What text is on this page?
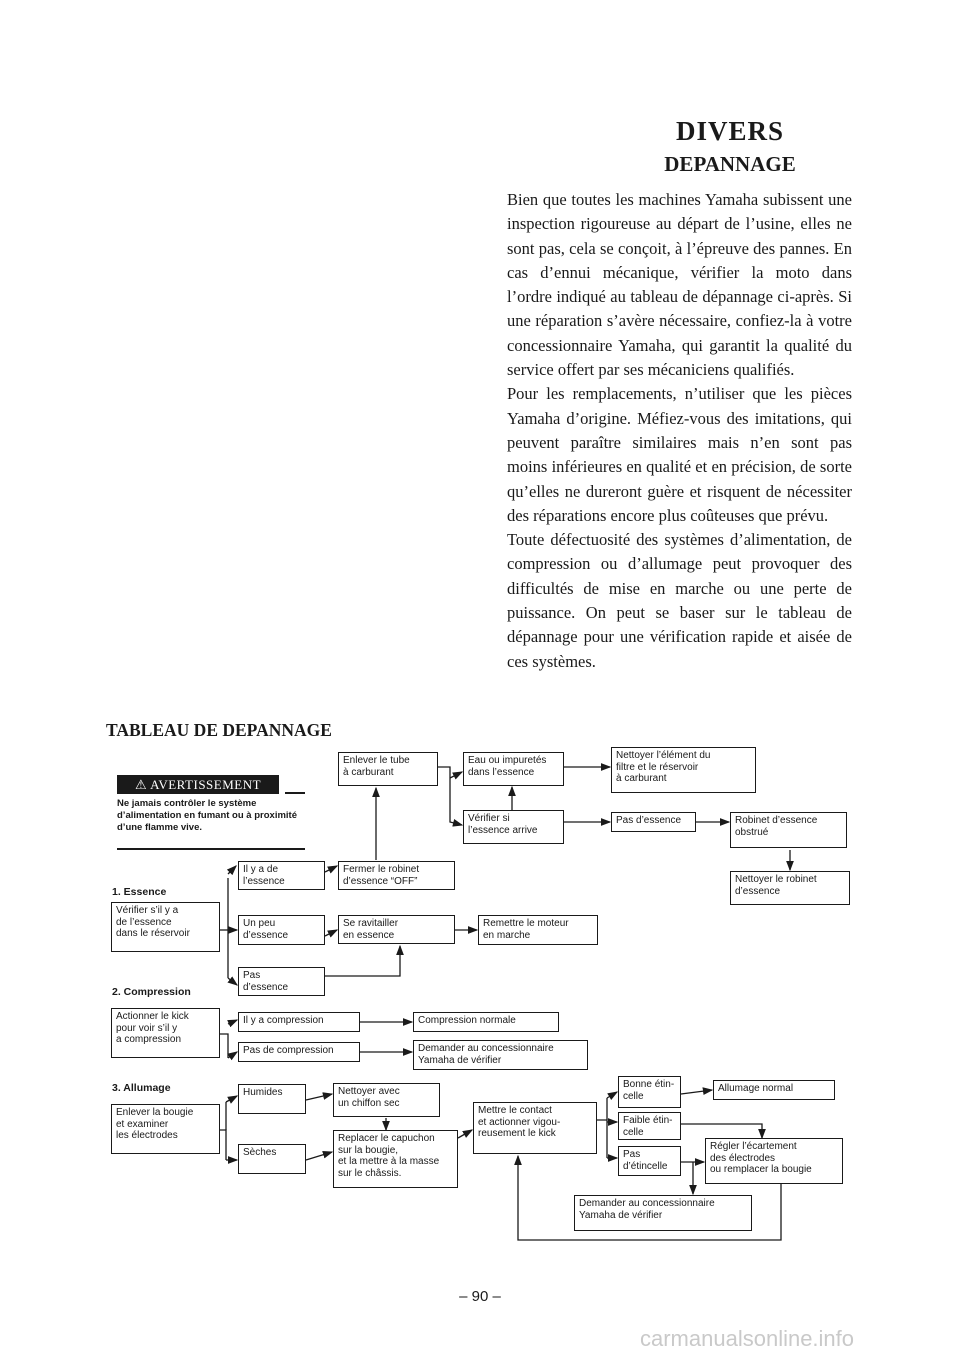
DIVERS
DEPANNAGE

Bien que toutes les machines Yamaha subissent une inspection rigoureuse au départ de l’usine, elles ne sont pas, cela se conçoit, à l’épreuve des pannes. En cas d’ennui mécanique, vérifier la moto dans l’ordre indiqué au tableau de dépannage ci-après. Si une réparation s’avère nécessaire, confiez-la à votre concessionnaire Yamaha, qui garantit la qualité du service offert par ses mécaniciens qualifiés.

Pour les remplacements, n’utiliser que les pièces Yamaha d’origine. Méfiez-vous des imitations, qui peuvent paraître similaires mais n’en sont pas moins inférieures en qualité et en précision, de sorte qu’elles ne dureront guère et risquent de nécessiter des réparations encore plus coûteuses que prévu.

Toute défectuosité des systèmes d’alimentation, de compression ou d’allumage peut provoquer des difficultés de mise en marche ou une perte de puissance. On peut se baser sur le tableau de dépannage pour une vérification rapide et aisée de ces systèmes.

TABLEAU DE DEPANNAGE
⚠ AVERTISSEMENT
Ne jamais contrôler le système d’alimentation en fumant ou à proximité d’une flamme vive.
1. Essence
2. Compression
3. Allumage
Vérifier s’il y a
de l’essence
dans le réservoir
Il y a de
l’essence
Un peu
d’essence
Pas
d’essence
Fermer le robinet
d’essence “OFF”
Se ravitailler
en essence
Remettre le moteur
en marche
Enlever le tube
à carburant
Eau ou impuretés
dans l’essence
Nettoyer l’élément du
filtre et le réservoir
à carburant
Vérifier si
l’essence arrive
Pas d’essence	Robinet d’essence
obstrué
Nettoyer le robinet
d’essence
Actionner le kick
pour voir s’il y
a compression
Il y a compression
Pas de compression
Compression normale
Demander au concessionnaire
Yamaha de vérifier
Enlever la bougie
et examiner
les électrodes
Humides
Sèches
Nettoyer avec
un chiffon sec
Replacer le capuchon
sur la bougie,
et la mettre à la masse
sur le châssis.
Mettre le contact
et actionner vigou-
reusement le kick
Bonne étin-
celle
Faible étin-
celle
Pas
d’étincelle
Allumage normal
Régler l’écartement
des électrodes
ou remplacer la bougie
Demander au concessionnaire
Yamaha de vérifier
– 90 –
carmanualsonline.info
